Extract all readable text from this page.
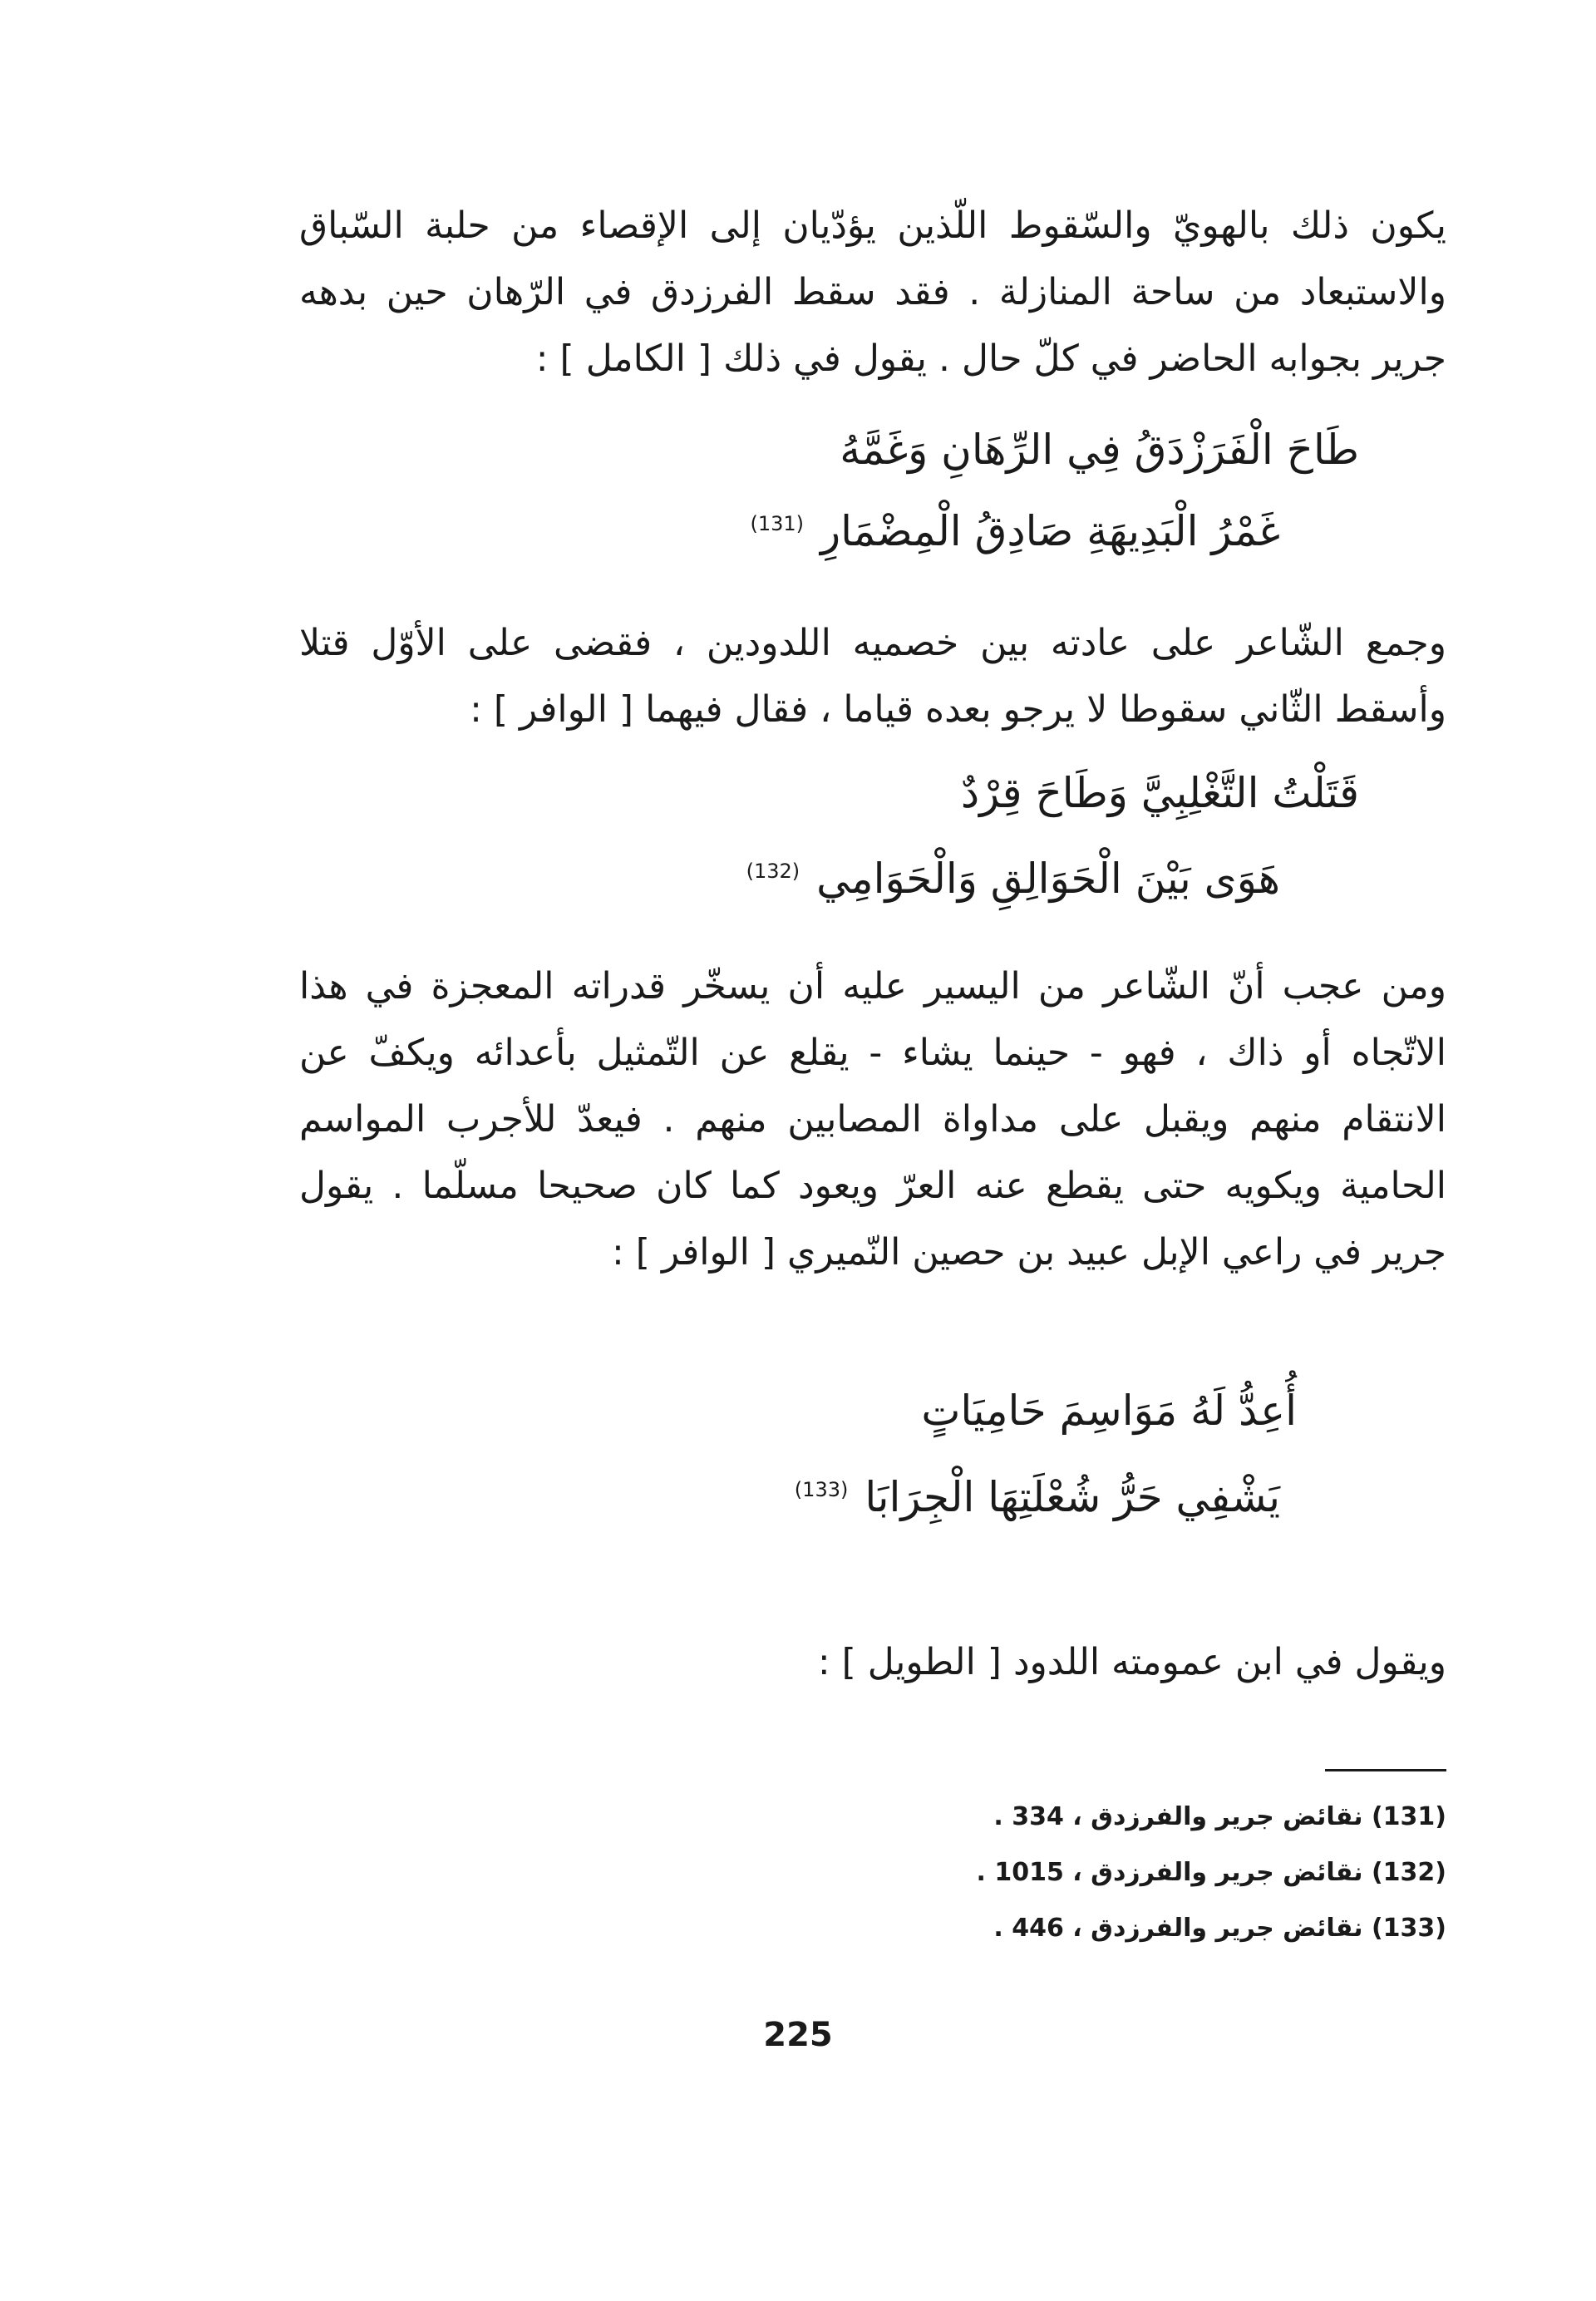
يكون ذلك بالهويّ والسّقوط اللّذين يؤدّيان إلى الإقصاء من حلبة السّباق والاستبعاد من ساحة المنازلة . فقد سقط الفرزدق في الرّهان حين بدهه جرير بجوابه الحاضر في كلّ حال . يقول في ذلك [ الكامل ] :

طَاحَ الْفَرَزْدَقُ فِي الرِّهَانِ وَغَمَّهُ
غَمْرُ الْبَدِيهَةِ صَادِقُ الْمِضْمَارِ$^{(131)}$

وجمع الشّاعر على عادته بين خصميه اللدودين ، فقضى على الأوّل قتلا وأسقط الثّاني سقوطا لا يرجو بعده قياما ، فقال فيهما [ الوافر ] :

قَتَلْتُ التَّغْلِبِيَّ وَطَاحَ قِرْدٌ
هَوَى بَيْنَ الْحَوَالِقِ وَالْحَوَامِي$^{(132)}$

ومن عجب أنّ الشّاعر من اليسير عليه أن يسخّر قدراته المعجزة في هذا الاتّجاه أو ذاك ، فهو - حينما يشاء - يقلع عن التّمثيل بأعدائه ويكفّ عن الانتقام منهم ويقبل على مداواة المصابين منهم . فيعدّ للأجرب المواسم الحامية ويكويه حتى يقطع عنه العرّ ويعود كما كان صحيحا مسلّما . يقول جرير في راعي الإبل عبيد بن حصين النّميري [ الوافر ] :

أُعِدُّ لَهُ مَوَاسِمَ حَامِيَاتٍ
يَشْفِي حَرُّ شُعْلَتِهَا الْجِرَابَا$^{(133)}$

ويقول في ابن عمومته اللدود [ الطويل ] :

(131) نقائض جرير والفرزدق ، 334 .
(132) نقائض جرير والفرزدق ، 1015 .
(133) نقائض جرير والفرزدق ، 446 .
225
